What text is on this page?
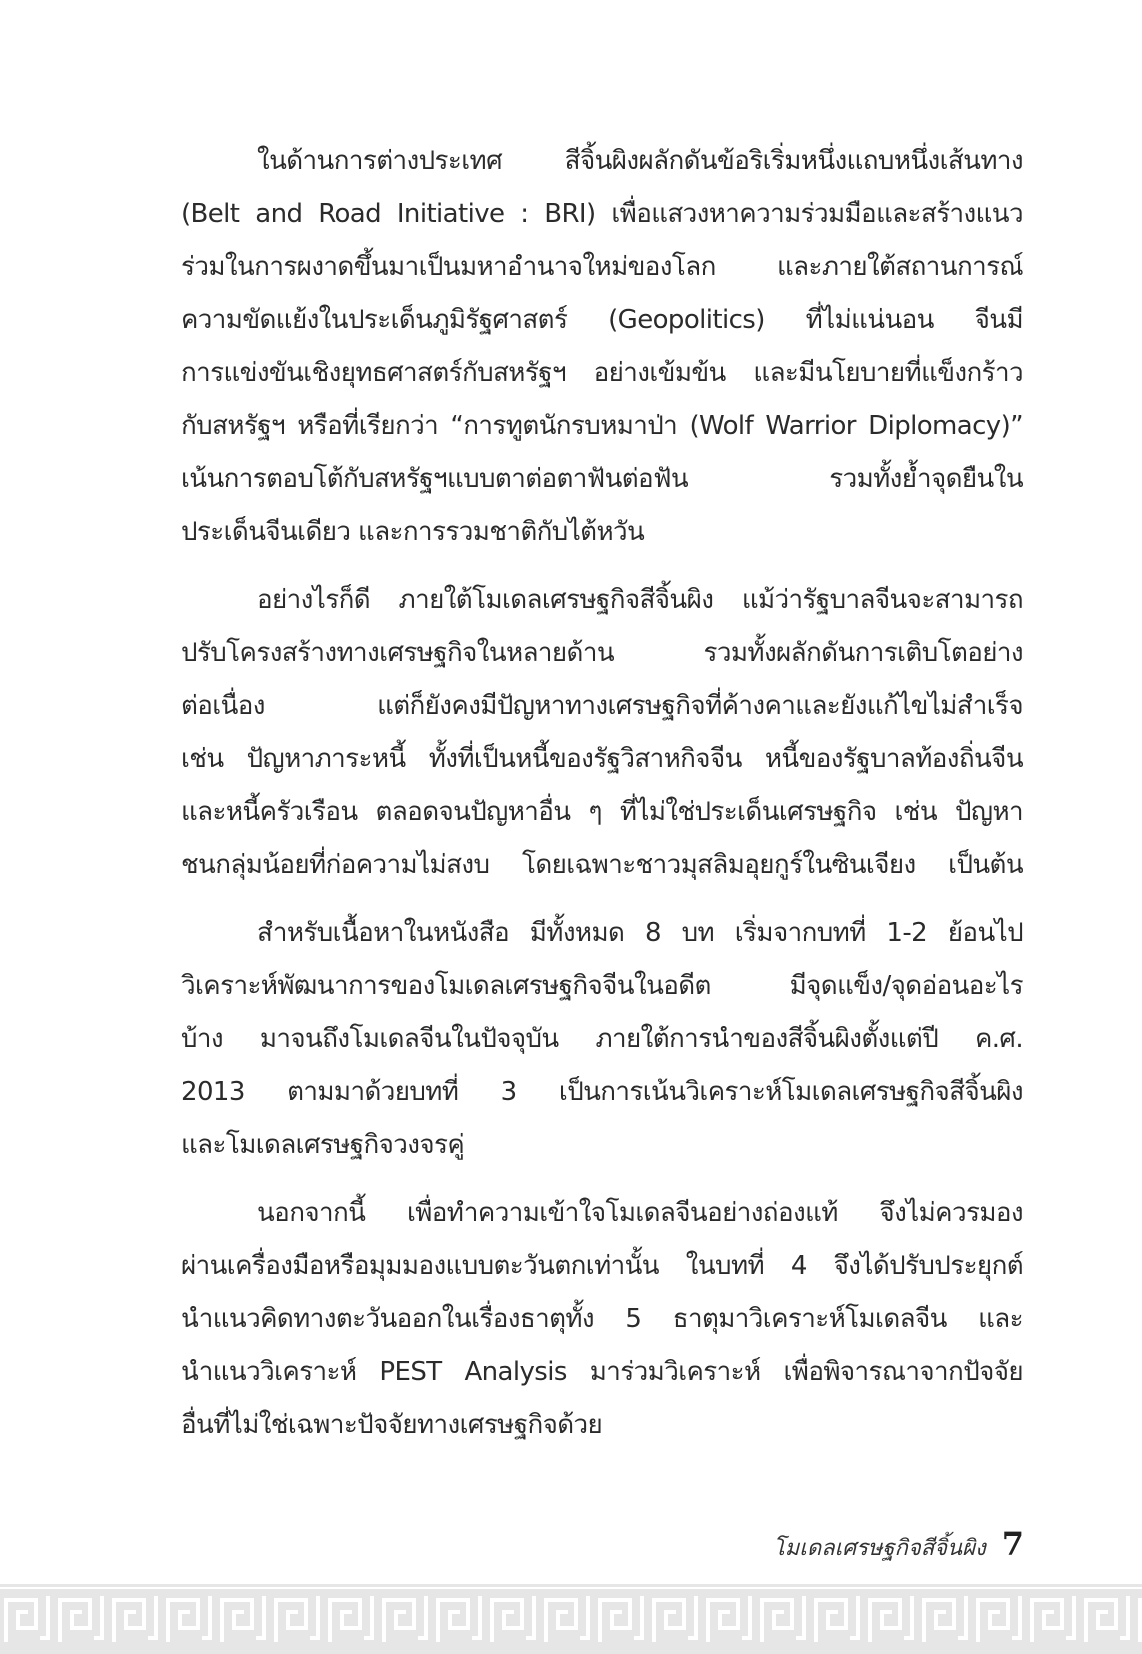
ในด้านการต่างประเทศ สีจิ้นผิงผลักดันข้อริเริ่มหนึ่งแถบหนึ่งเส้นทาง
(Belt and Road Initiative : BRI) เพื่อแสวงหาความร่วมมือและสร้างแนว
ร่วมในการผงาดขึ้นมาเป็นมหาอำนาจใหม่ของโลก และภายใต้สถานการณ์
ความขัดแย้งในประเด็นภูมิรัฐศาสตร์ (Geopolitics) ที่ไม่แน่นอน จีนมี
การแข่งขันเชิงยุทธศาสตร์กับสหรัฐฯ อย่างเข้มข้น และมีนโยบายที่แข็งกร้าว
กับสหรัฐฯ หรือที่เรียกว่า “การทูตนักรบหมาป่า (Wolf Warrior Diplomacy)”
เน้นการตอบโต้กับสหรัฐฯแบบตาต่อตาฟันต่อฟัน รวมทั้งย้ำจุดยืนใน
ประเด็นจีนเดียว และการรวมชาติกับไต้หวัน
อย่างไรก็ดี ภายใต้โมเดลเศรษฐกิจสีจิ้นผิง แม้ว่ารัฐบาลจีนจะสามารถ
ปรับโครงสร้างทางเศรษฐกิจในหลายด้าน รวมทั้งผลักดันการเติบโตอย่าง
ต่อเนื่อง แต่ก็ยังคงมีปัญหาทางเศรษฐกิจที่ค้างคาและยังแก้ไขไม่สำเร็จ
เช่น ปัญหาภาระหนี้ ทั้งที่เป็นหนี้ของรัฐวิสาหกิจจีน หนี้ของรัฐบาลท้องถิ่นจีน
และหนี้ครัวเรือน ตลอดจนปัญหาอื่น ๆ ที่ไม่ใช่ประเด็นเศรษฐกิจ เช่น ปัญหา
ชนกลุ่มน้อยที่ก่อความไม่สงบ โดยเฉพาะชาวมุสลิมอุยกูร์ในซินเจียง เป็นต้น
สำหรับเนื้อหาในหนังสือ มีทั้งหมด 8 บท เริ่มจากบทที่ 1-2 ย้อนไป
วิเคราะห์พัฒนาการของโมเดลเศรษฐกิจจีนในอดีต มีจุดแข็ง/จุดอ่อนอะไร
บ้าง มาจนถึงโมเดลจีนในปัจจุบัน ภายใต้การนำของสีจิ้นผิงตั้งแต่ปี ค.ศ.
2013 ตามมาด้วยบทที่ 3 เป็นการเน้นวิเคราะห์โมเดลเศรษฐกิจสีจิ้นผิง
และโมเดลเศรษฐกิจวงจรคู่
นอกจากนี้ เพื่อทำความเข้าใจโมเดลจีนอย่างถ่องแท้ จึงไม่ควรมอง
ผ่านเครื่องมือหรือมุมมองแบบตะวันตกเท่านั้น ในบทที่ 4 จึงได้ปรับประยุกต์
นำแนวคิดทางตะวันออกในเรื่องธาตุทั้ง 5 ธาตุมาวิเคราะห์โมเดลจีน และ
นำแนววิเคราะห์ PEST Analysis มาร่วมวิเคราะห์ เพื่อพิจารณาจากปัจจัย
อื่นที่ไม่ใช่เฉพาะปัจจัยทางเศรษฐกิจด้วย
โมเดลเศรษฐกิจสีจิ้นผิง 7
